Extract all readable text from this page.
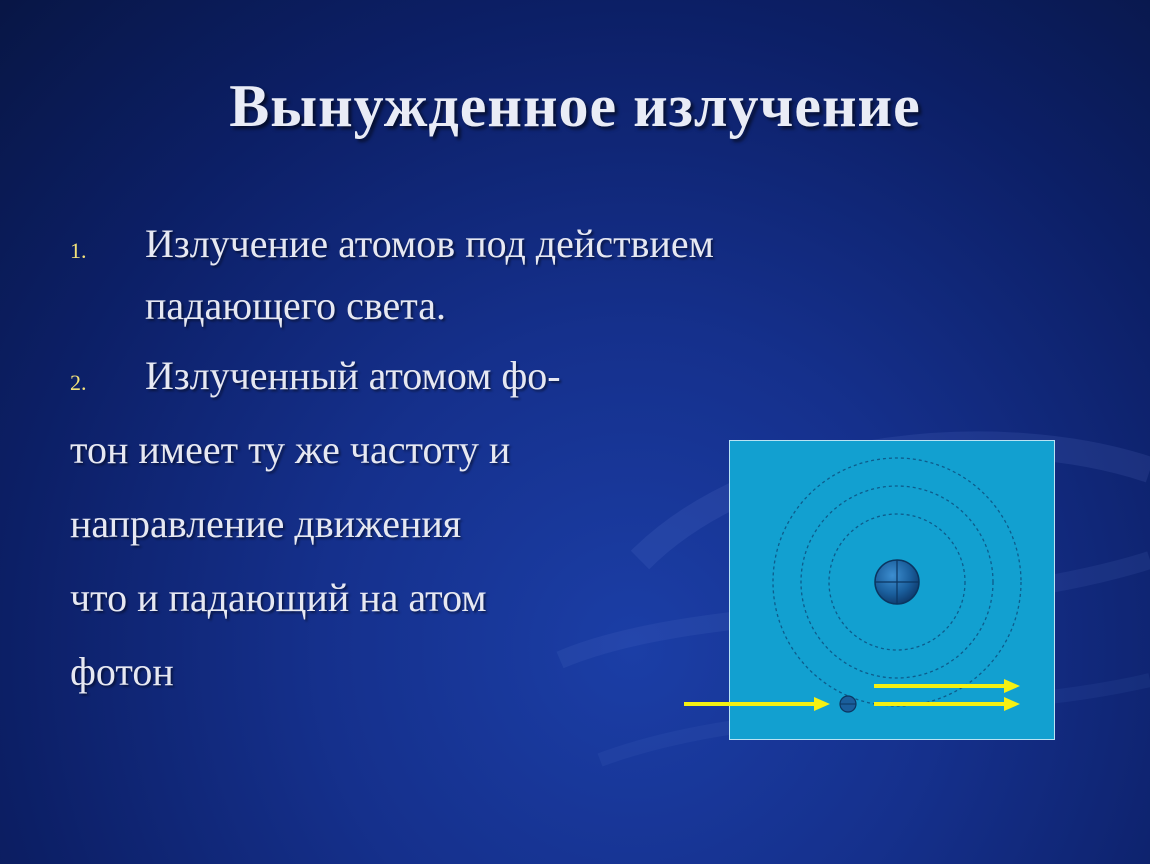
Вынужденное излучение
1. Излучение атомов под действием
падающего света.
2. Излученный атомом фо-
тон имеет ту же частоту и
направление движения
что и падающий на атом
фотон
